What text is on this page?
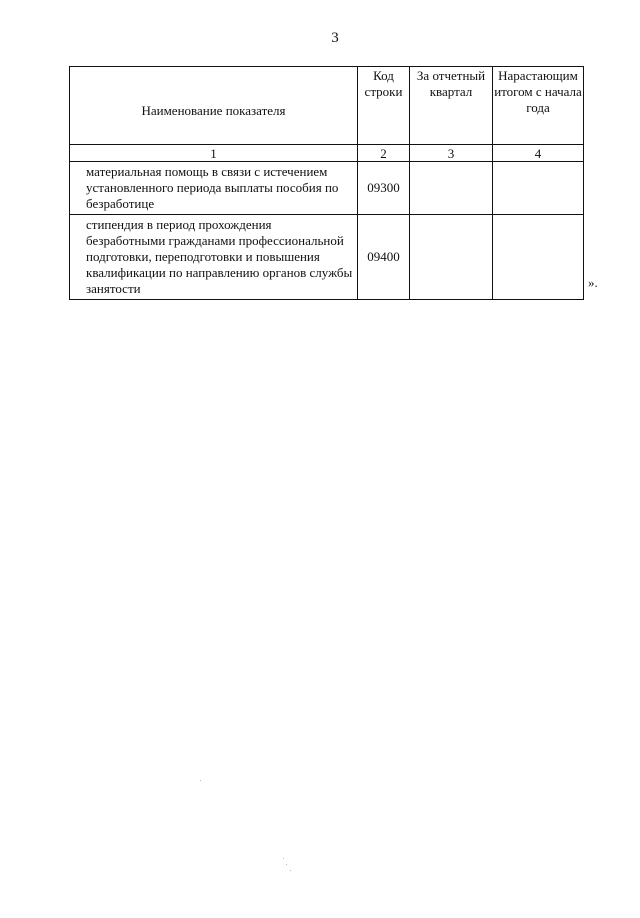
3
Наименование показателя	Код строки	За отчетный квартал	Нарастающим итогом с начала года
1	2	3	4
материальная помощь в связи с истечением установленного периода выплаты пособия по безработице	09300		
стипендия в период прохождения безработными гражданами профессиональной подготовки, переподготовки и повышения квалификации по направлению органов службы занятости	09400		
».
